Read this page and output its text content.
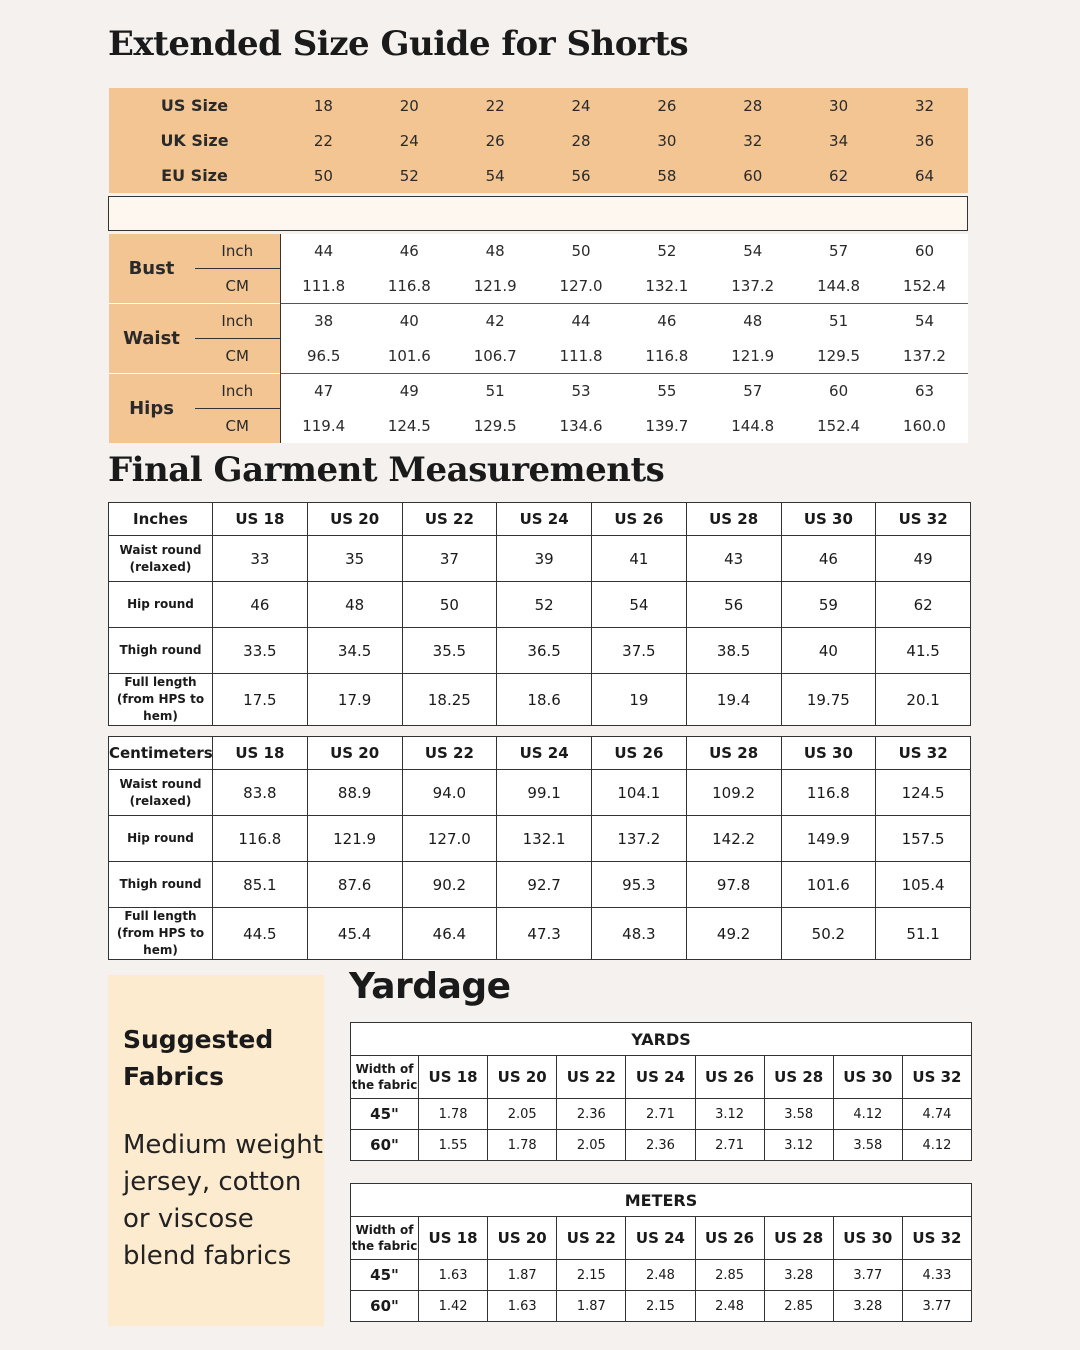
Extended Size Guide for Shorts
US Size		18	20	22	24	26	28	30	32
UK Size		22	24	26	28	30	32	34	36
EU Size		50	52	54	56	58	60	62	64

Bust	Inch	44	46	48	50	52	54	57	60
	CM	111.8	116.8	121.9	127.0	132.1	137.2	144.8	152.4
Waist	Inch	38	40	42	44	46	48	51	54
	CM	96.5	101.6	106.7	111.8	116.8	121.9	129.5	137.2
Hips	Inch	47	49	51	53	55	57	60	63
	CM	119.4	124.5	129.5	134.6	139.7	144.8	152.4	160.0
Final Garment Measurements
Inches	US 18	US 20	US 22	US 24	US 26	US 28	US 30	US 32
Waist round (relaxed)	33	35	37	39	41	43	46	49
Hip round	46	48	50	52	54	56	59	62
Thigh round	33.5	34.5	35.5	36.5	37.5	38.5	40	41.5
Full length (from HPS to hem)	17.5	17.9	18.25	18.6	19	19.4	19.75	20.1
Centimeters	US 18	US 20	US 22	US 24	US 26	US 28	US 30	US 32
Waist round (relaxed)	83.8	88.9	94.0	99.1	104.1	109.2	116.8	124.5
Hip round	116.8	121.9	127.0	132.1	137.2	142.2	149.9	157.5
Thigh round	85.1	87.6	90.2	92.7	95.3	97.8	101.6	105.4
Full length (from HPS to hem)	44.5	45.4	46.4	47.3	48.3	49.2	50.2	51.1
Suggested Fabrics
Medium weight jersey, cotton or viscose blend fabrics
Yardage
YARDS								
Width of the fabric	US 18	US 20	US 22	US 24	US 26	US 28	US 30	US 32
45"	1.78	2.05	2.36	2.71	3.12	3.58	4.12	4.74
60"	1.55	1.78	2.05	2.36	2.71	3.12	3.58	4.12
METERS								
Width of the fabric	US 18	US 20	US 22	US 24	US 26	US 28	US 30	US 32
45"	1.63	1.87	2.15	2.48	2.85	3.28	3.77	4.33
60"	1.42	1.63	1.87	2.15	2.48	2.85	3.28	3.77
